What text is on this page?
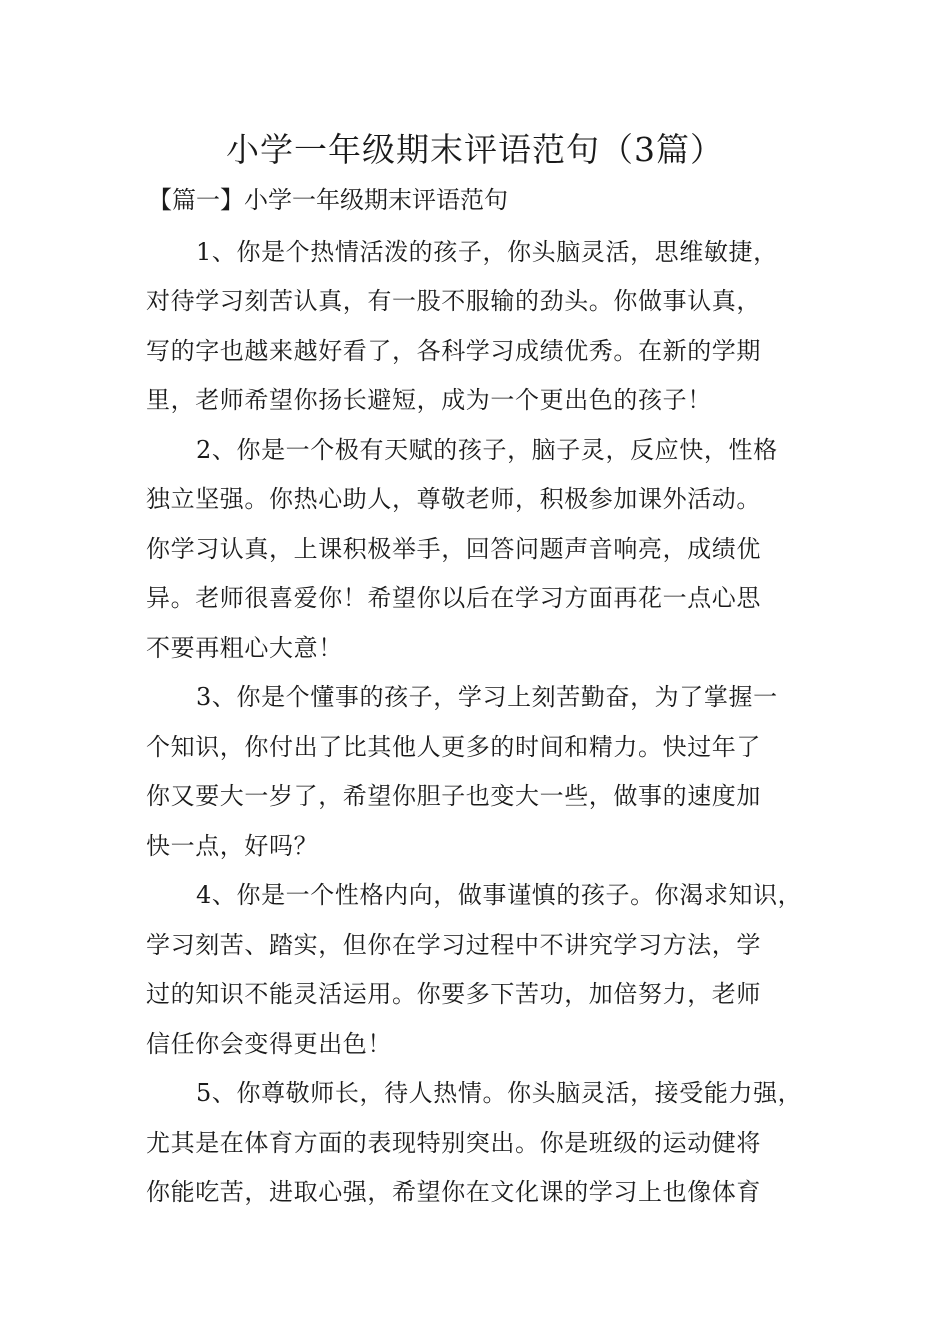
小学一年级期末评语范句（3篇）
【篇一】小学一年级期末评语范句
1、你是个热情活泼的孩子，你头脑灵活，思维敏捷，
对待学习刻苦认真，有一股不服输的劲头。你做事认真，
写的字也越来越好看了，各科学习成绩优秀。在新的学期
里，老师希望你扬长避短，成为一个更出色的孩子！
2、你是一个极有天赋的孩子，脑子灵，反应快，性格
独立坚强。你热心助人，尊敬老师，积极参加课外活动。
你学习认真，上课积极举手，回答问题声音响亮，成绩优
异。老师很喜爱你！希望你以后在学习方面再花一点心思
不要再粗心大意！
3、你是个懂事的孩子，学习上刻苦勤奋，为了掌握一
个知识，你付出了比其他人更多的时间和精力。快过年了
你又要大一岁了，希望你胆子也变大一些，做事的速度加
快一点，好吗？
4、你是一个性格内向，做事谨慎的孩子。你渴求知识，
学习刻苦、踏实，但你在学习过程中不讲究学习方法，学
过的知识不能灵活运用。你要多下苦功，加倍努力，老师
信任你会变得更出色！
5、你尊敬师长，待人热情。你头脑灵活，接受能力强，
尤其是在体育方面的表现特别突出。你是班级的运动健将
你能吃苦，进取心强，希望你在文化课的学习上也像体育
